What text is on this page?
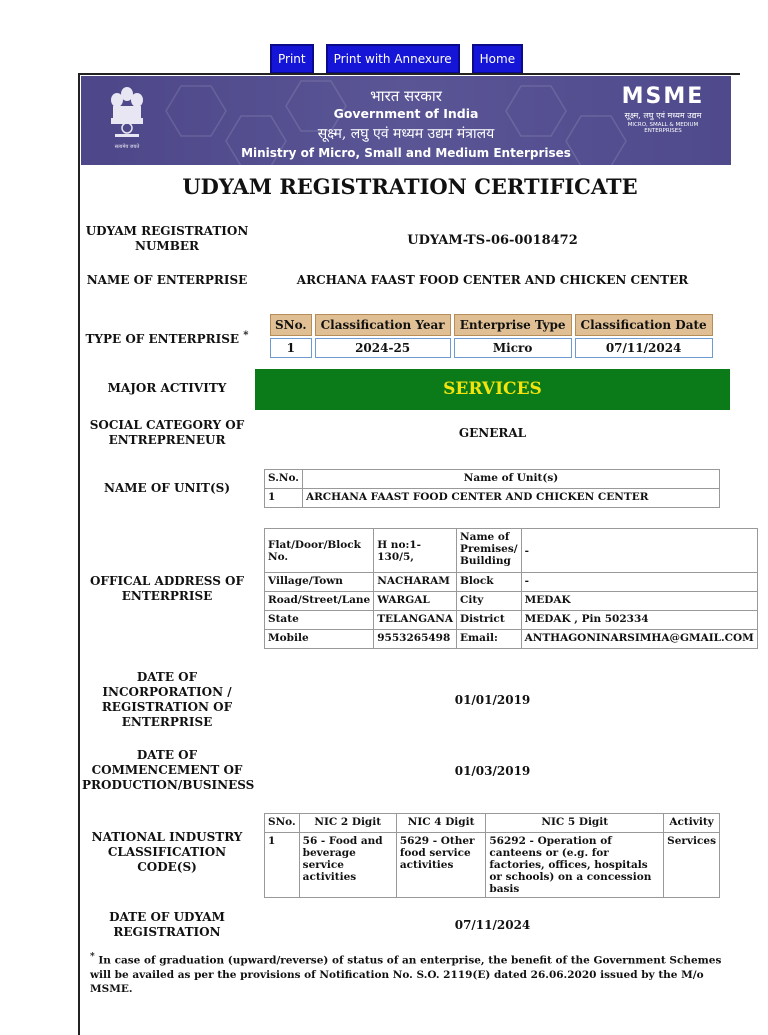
Print	Print with Annexure	Home
सत्यमेव जयते
भारत सरकार
Government of India
सूक्ष्म, लघु एवं मध्यम उद्यम मंत्रालय
Ministry of Micro, Small and Medium Enterprises
MSME
सूक्ष्म, लघु एवं मध्यम उद्यम
MICRO, SMALL & MEDIUM ENTERPRISES
UDYAM REGISTRATION CERTIFICATE
UDYAM REGISTRATION NUMBER	UDYAM-TS-06-0018472
NAME OF ENTERPRISE	ARCHANA FAAST FOOD CENTER AND CHICKEN CENTER
TYPE OF ENTERPRISE *
SNo.	Classification Year	Enterprise Type	Classification Date
1	2024-25	Micro	07/11/2024
MAJOR ACTIVITY	SERVICES
SOCIAL CATEGORY OF ENTREPRENEUR	GENERAL
NAME OF UNIT(S)
S.No.	Name of Unit(s)
1	ARCHANA FAAST FOOD CENTER AND CHICKEN CENTER
OFFICAL ADDRESS OF ENTERPRISE
Flat/Door/Block No.	H no:1-130/5,	Name of Premises/ Building	-
Village/Town	NACHARAM	Block	-
Road/Street/Lane	WARGAL	City	MEDAK
State	TELANGANA	District	MEDAK , Pin 502334
Mobile	9553265498	Email:	ANTHAGONINARSIMHA@GMAIL.COM
DATE OF INCORPORATION / REGISTRATION OF ENTERPRISE
01/01/2019
DATE OF COMMENCEMENT OF PRODUCTION/BUSINESS
01/03/2019
NATIONAL INDUSTRY CLASSIFICATION CODE(S)
SNo.	NIC 2 Digit	NIC 4 Digit	NIC 5 Digit	Activity
1	56 - Food and beverage service activities	5629 - Other food service activities	56292 - Operation of canteens or (e.g. for factories, offices, hospitals or schools) on a concession basis	Services
DATE OF UDYAM REGISTRATION	07/11/2024
* In case of graduation (upward/reverse) of status of an enterprise, the benefit of the Government Schemes will be availed as per the provisions of Notification No. S.O. 2119(E) dated 26.06.2020 issued by the M/o MSME.
